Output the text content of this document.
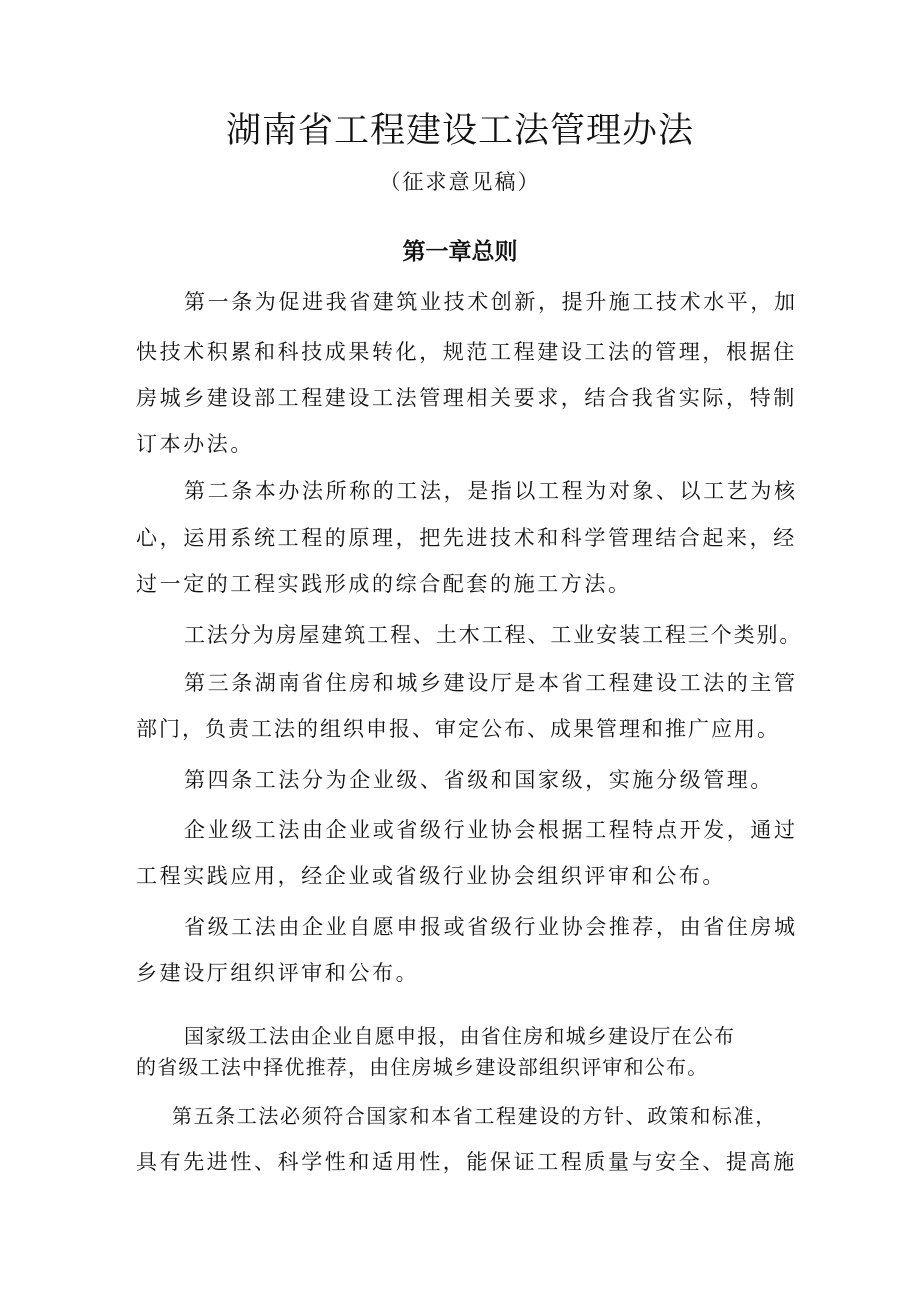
湖南省工程建设工法管理办法
（征求意见稿）
第一章总则
第一条为促进我省建筑业技术创新，提升施工技术水平，加
快技术积累和科技成果转化，规范工程建设工法的管理，根据住
房城乡建设部工程建设工法管理相关要求，结合我省实际，特制
订本办法。
第二条本办法所称的工法，是指以工程为对象、以工艺为核
心，运用系统工程的原理，把先进技术和科学管理结合起来，经
过一定的工程实践形成的综合配套的施工方法。
工法分为房屋建筑工程、土木工程、工业安装工程三个类别。
第三条湖南省住房和城乡建设厅是本省工程建设工法的主管
部门，负责工法的组织申报、审定公布、成果管理和推广应用。
第四条工法分为企业级、省级和国家级，实施分级管理。
企业级工法由企业或省级行业协会根据工程特点开发，通过
工程实践应用，经企业或省级行业协会组织评审和公布。
省级工法由企业自愿申报或省级行业协会推荐，由省住房城
乡建设厅组织评审和公布。
国家级工法由企业自愿申报，由省住房和城乡建设厅在公布
的省级工法中择优推荐，由住房城乡建设部组织评审和公布。
第五条工法必须符合国家和本省工程建设的方针、政策和标准，
具有先进性、科学性和适用性，能保证工程质量与安全、提高施
